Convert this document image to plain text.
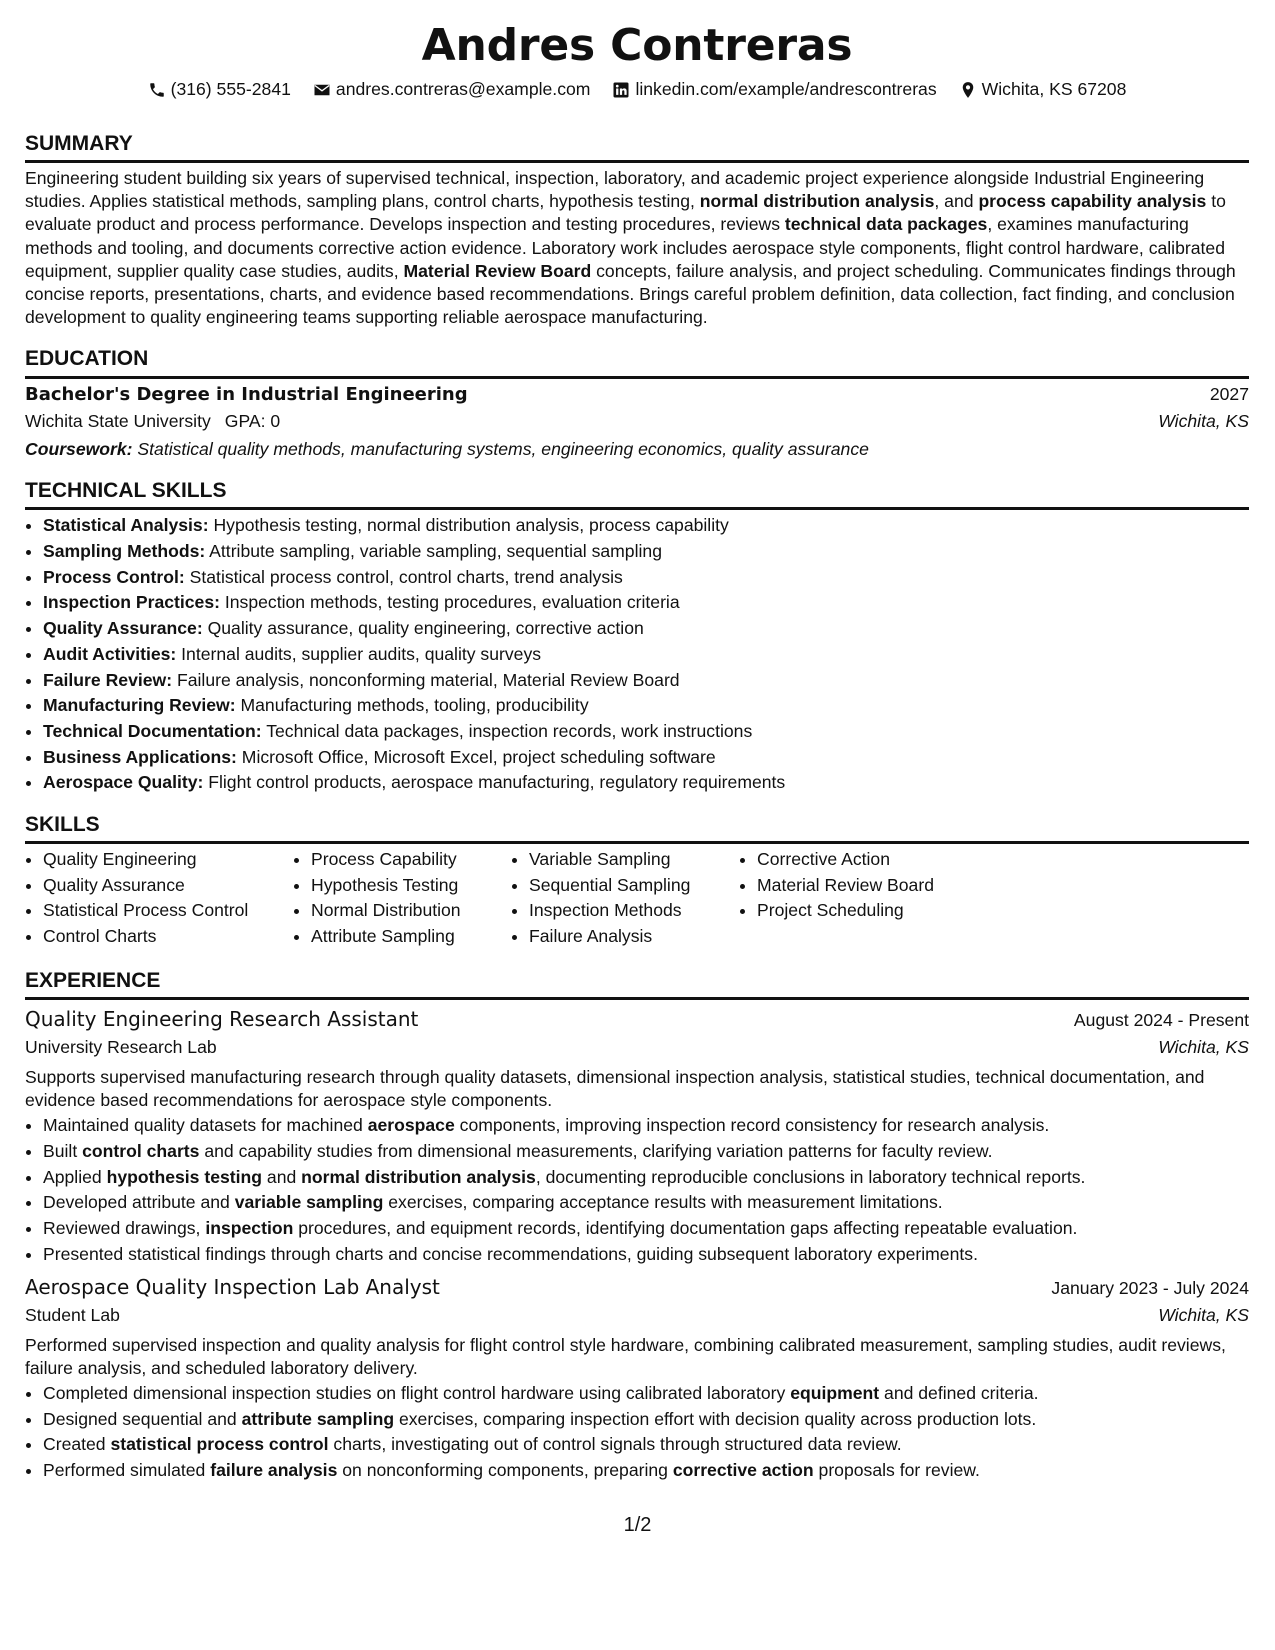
Andres Contreras
(316) 555-2841	andres.contreras@example.com	linkedin.com/example/andrescontreras	Wichita, KS 67208
SUMMARY

Engineering student building six years of supervised technical, inspection, laboratory, and academic project experience alongside Industrial Engineering studies. Applies statistical methods, sampling plans, control charts, hypothesis testing, normal distribution analysis, and process capability analysis to evaluate product and process performance. Develops inspection and testing procedures, reviews technical data packages, examines manufacturing methods and tooling, and documents corrective action evidence. Laboratory work includes aerospace style components, flight control hardware, calibrated equipment, supplier quality case studies, audits, Material Review Board concepts, failure analysis, and project scheduling. Communicates findings through concise reports, presentations, charts, and evidence based recommendations. Brings careful problem definition, data collection, fact finding, and conclusion development to quality engineering teams supporting reliable aerospace manufacturing.

EDUCATION
Bachelor's Degree in Industrial Engineering	2027
Wichita State University GPA: 0	Wichita, KS
Coursework: Statistical quality methods, manufacturing systems, engineering economics, quality assurance
TECHNICAL SKILLS
• Statistical Analysis: Hypothesis testing, normal distribution analysis, process capability
• Sampling Methods: Attribute sampling, variable sampling, sequential sampling
• Process Control: Statistical process control, control charts, trend analysis
• Inspection Practices: Inspection methods, testing procedures, evaluation criteria
• Quality Assurance: Quality assurance, quality engineering, corrective action
• Audit Activities: Internal audits, supplier audits, quality surveys
• Failure Review: Failure analysis, nonconforming material, Material Review Board
• Manufacturing Review: Manufacturing methods, tooling, producibility
• Technical Documentation: Technical data packages, inspection records, work instructions
• Business Applications: Microsoft Office, Microsoft Excel, project scheduling software
• Aerospace Quality: Flight control products, aerospace manufacturing, regulatory requirements
SKILLS
• Quality Engineering
• Quality Assurance
• Statistical Process Control
• Control Charts
• Process Capability
• Hypothesis Testing
• Normal Distribution
• Attribute Sampling
• Variable Sampling
• Sequential Sampling
• Inspection Methods
• Failure Analysis
• Corrective Action
• Material Review Board
• Project Scheduling
EXPERIENCE
Quality Engineering Research Assistant	August 2024 - Present
University Research Lab	Wichita, KS
Supports supervised manufacturing research through quality datasets, dimensional inspection analysis, statistical studies, technical documentation, and evidence based recommendations for aerospace style components.
• Maintained quality datasets for machined aerospace components, improving inspection record consistency for research analysis.
• Built control charts and capability studies from dimensional measurements, clarifying variation patterns for faculty review.
• Applied hypothesis testing and normal distribution analysis, documenting reproducible conclusions in laboratory technical reports.
• Developed attribute and variable sampling exercises, comparing acceptance results with measurement limitations.
• Reviewed drawings, inspection procedures, and equipment records, identifying documentation gaps affecting repeatable evaluation.
• Presented statistical findings through charts and concise recommendations, guiding subsequent laboratory experiments.
Aerospace Quality Inspection Lab Analyst	January 2023 - July 2024
Student Lab	Wichita, KS
Performed supervised inspection and quality analysis for flight control style hardware, combining calibrated measurement, sampling studies, audit reviews, failure analysis, and scheduled laboratory delivery.
• Completed dimensional inspection studies on flight control hardware using calibrated laboratory equipment and defined criteria.
• Designed sequential and attribute sampling exercises, comparing inspection effort with decision quality across production lots.
• Created statistical process control charts, investigating out of control signals through structured data review.
• Performed simulated failure analysis on nonconforming components, preparing corrective action proposals for review.
1/2
